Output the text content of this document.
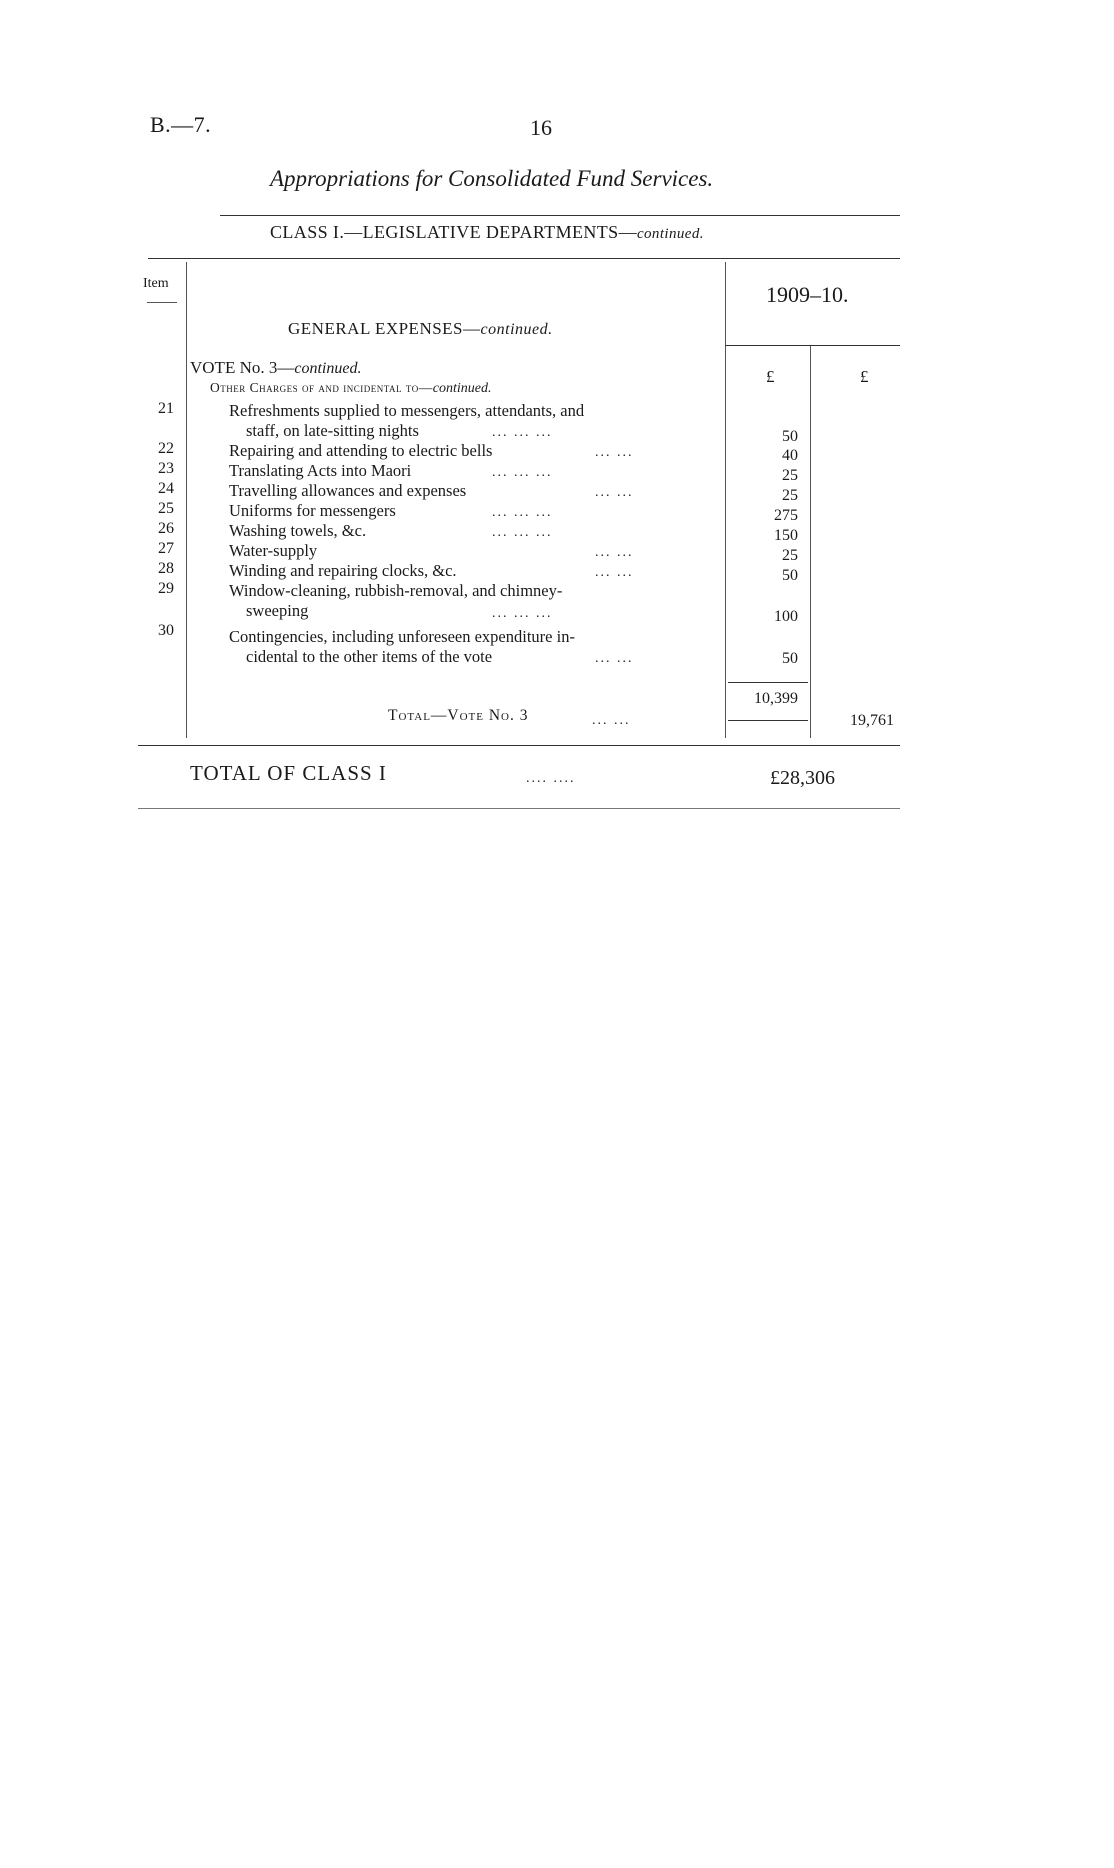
B.—7.	16
Appropriations for Consolidated Fund Services.
CLASS I.—LEGISLATIVE DEPARTMENTS—continued.
Item	1909–10.
GENERAL EXPENSES—continued.
£	£
VOTE No. 3—continued.
Other Charges of and incidental to—continued.
21	Refreshments supplied to messengers, attendants, and
staff, on late-sitting nights	... ... ...	50
22	Repairing and attending to electric bells	... ...	40
23	Translating Acts into Maori	... ... ...	25
24	Travelling allowances and expenses	... ...	25
25	Uniforms for messengers	... ... ...	275
26	Washing towels, &c.	... ... ...	150
27	Water-supply	... ...	25
28	Winding and repairing clocks, &c.	... ...	50
29	Window-cleaning, rubbish-removal, and chimney-
sweeping	... ... ...	100
30	Contingencies, including unforeseen expenditure in-
cidental to the other items of the vote	... ...	50
10,399
Total—Vote No. 3	... ...	19,761
TOTAL OF CLASS I	.... ....	£28,306
